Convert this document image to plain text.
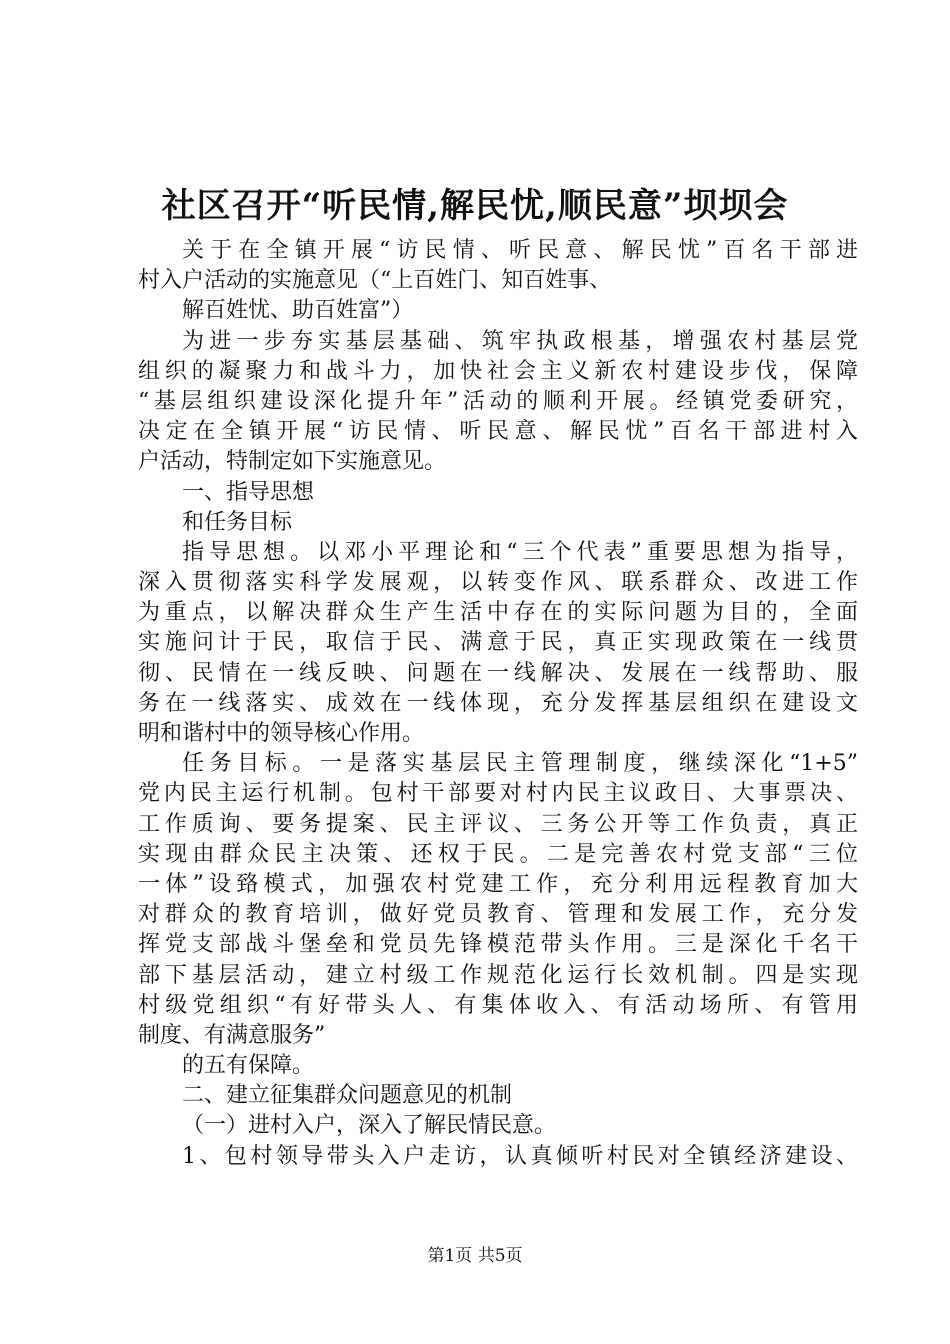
社区召开“听民情,解民忧,顺民意”坝坝会
关于在全镇开展“访民情、听民意、解民忧”百名干部进
村入户活动的实施意见（“上百姓门、知百姓事、
解百姓忧、助百姓富”）
为进一步夯实基层基础、筑牢执政根基，增强农村基层党
组织的凝聚力和战斗力，加快社会主义新农村建设步伐，保障
“基层组织建设深化提升年”活动的顺利开展。经镇党委研究，
决定在全镇开展“访民情、听民意、解民忧”百名干部进村入
户活动，特制定如下实施意见。
一、指导思想
和任务目标
指导思想。以邓小平理论和“三个代表”重要思想为指导，
深入贯彻落实科学发展观，以转变作风、联系群众、改进工作
为重点，以解决群众生产生活中存在的实际问题为目的，全面
实施问计于民，取信于民、满意于民，真正实现政策在一线贯
彻、民情在一线反映、问题在一线解决、发展在一线帮助、服
务在一线落实、成效在一线体现，充分发挥基层组织在建设文
明和谐村中的领导核心作用。
任务目标。一是落实基层民主管理制度，继续深化“1+5”
党内民主运行机制。包村干部要对村内民主议政日、大事票决、
工作质询、要务提案、民主评议、三务公开等工作负责，真正
实现由群众民主决策、还权于民。二是完善农村党支部“三位
一体”设臵模式，加强农村党建工作，充分利用远程教育加大
对群众的教育培训，做好党员教育、管理和发展工作，充分发
挥党支部战斗堡垒和党员先锋模范带头作用。三是深化千名干
部下基层活动，建立村级工作规范化运行长效机制。四是实现
村级党组织“有好带头人、有集体收入、有活动场所、有管用
制度、有满意服务”
的五有保障。
二、建立征集群众问题意见的机制
（一）进村入户，深入了解民情民意。
1、包村领导带头入户走访，认真倾听村民对全镇经济建设、
第1页 共5页
